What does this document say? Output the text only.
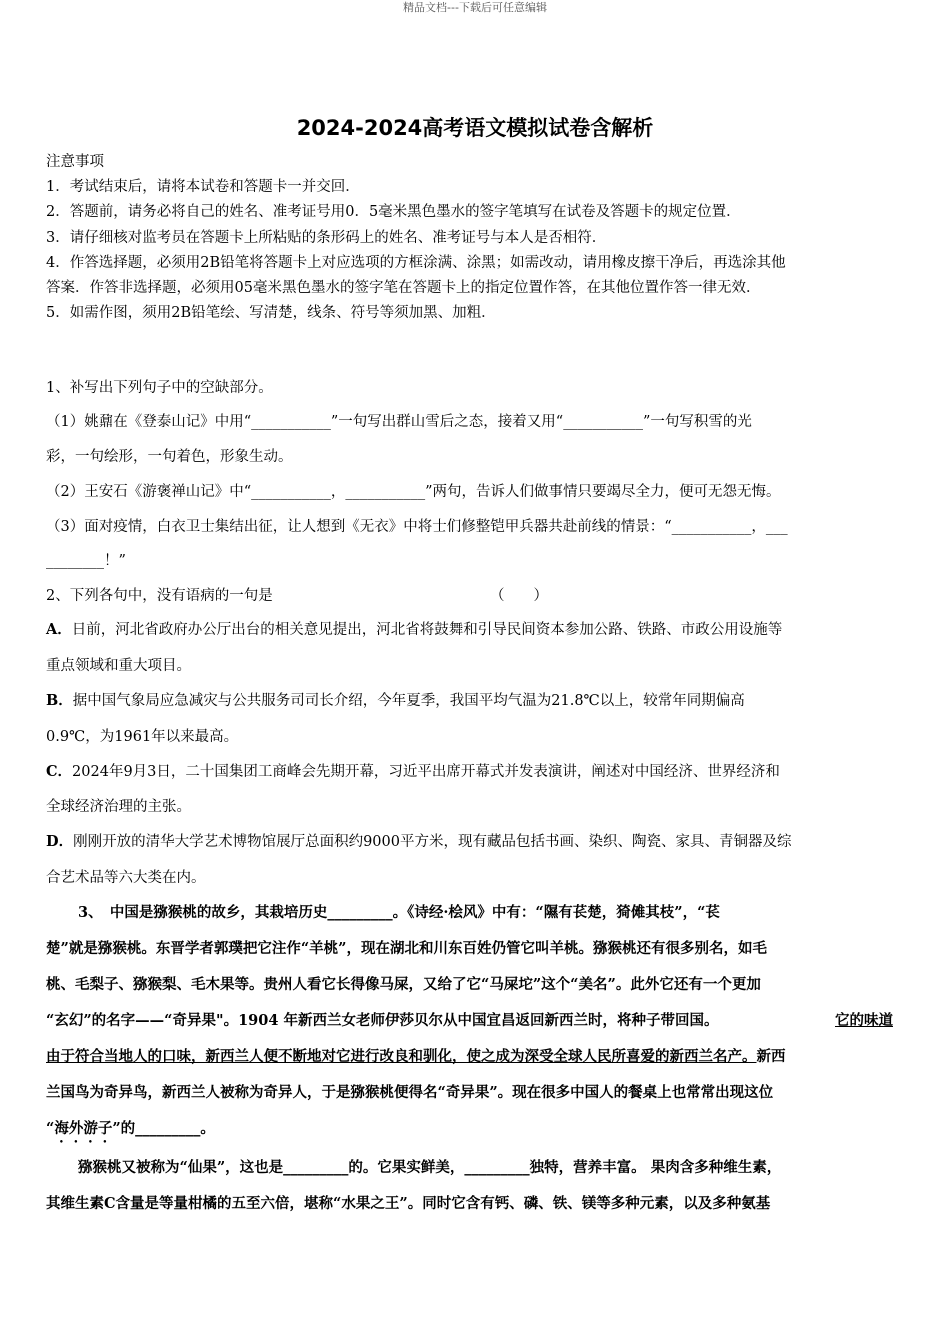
精品文档---下载后可任意编辑
2024-2024高考语文模拟试卷含解析
注意事项
1．考试结束后，请将本试卷和答题卡一并交回．
2．答题前，请务必将自己的姓名、准考证号用0．5毫米黑色墨水的签字笔填写在试卷及答题卡的规定位置．
3．请仔细核对监考员在答题卡上所粘贴的条形码上的姓名、准考证号与本人是否相符．
4．作答选择题，必须用2B铅笔将答题卡上对应选项的方框涂满、涂黑；如需改动，请用橡皮擦干净后，再选涂其他
答案．作答非选择题，必须用05毫米黑色墨水的签字笔在答题卡上的指定位置作答，在其他位置作答一律无效．
5．如需作图，须用2B铅笔绘、写清楚，线条、符号等须加黑、加粗．
1、补写出下列句子中的空缺部分。
（1）姚鼐在《登泰山记》中用“___________”一句写出群山雪后之态，接着又用“___________”一句写积雪的光
彩，一句绘形，一句着色，形象生动。
（2）王安石《游褒禅山记》中“___________，___________”两句，告诉人们做事情只要竭尽全力，便可无怨无悔。
（3）面对疫情，白衣卫士集结出征，让人想到《无衣》中将士们修整铠甲兵器共赴前线的情景：“___________，___
________！”
2、下列各句中，没有语病的一句是	（　　）
A．日前，河北省政府办公厅出台的相关意见提出，河北省将鼓舞和引导民间资本参加公路、铁路、市政公用设施等
重点领域和重大项目。
B．据中国气象局应急减灾与公共服务司司长介绍，今年夏季，我国平均气温为21.8℃以上，较常年同期偏高
0.9℃，为1961年以来最高。
C．2024年9月3日，二十国集团工商峰会先期开幕，习近平出席开幕式并发表演讲，阐述对中国经济、世界经济和
全球经济治理的主张。
D．刚刚开放的清华大学艺术博物馆展厅总面积约9000平方米，现有藏品包括书画、染织、陶瓷、家具、青铜器及综
合艺术品等六大类在内。
3、　中国是猕猴桃的故乡，其栽培历史_________。《诗经·桧风》中有：“隰有苌楚，猗傩其枝”，“苌
楚”就是猕猴桃。东晋学者郭璞把它注作“羊桃”，现在湖北和川东百姓仍管它叫羊桃。猕猴桃还有很多别名，如毛
桃、毛梨子、猕猴梨、毛木果等。贵州人看它长得像马屎，又给了它“马屎坨”这个“美名”。此外它还有一个更加
“玄幻”的名字——“奇异果"。1904 年新西兰女老师伊莎贝尔从中国宜昌返回新西兰时，将种子带回国。	它的味道
由于符合当地人的口味，新西兰人便不断地对它进行改良和驯化，使之成为深受全球人民所喜爱的新西兰名产。新西
兰国鸟为奇异鸟，新西兰人被称为奇异人，于是猕猴桃便得名“奇异果”。现在很多中国人的餐桌上也常常出现这位
“海外游子”的_________。
猕猴桃又被称为“仙果”，这也是_________的。它果实鲜美，_________独特，营养丰富。 果肉含多种维生素，
其维生素C含量是等量柑橘的五至六倍，堪称“水果之王”。同时它含有钙、磷、铁、镁等多种元素，以及多种氨基
